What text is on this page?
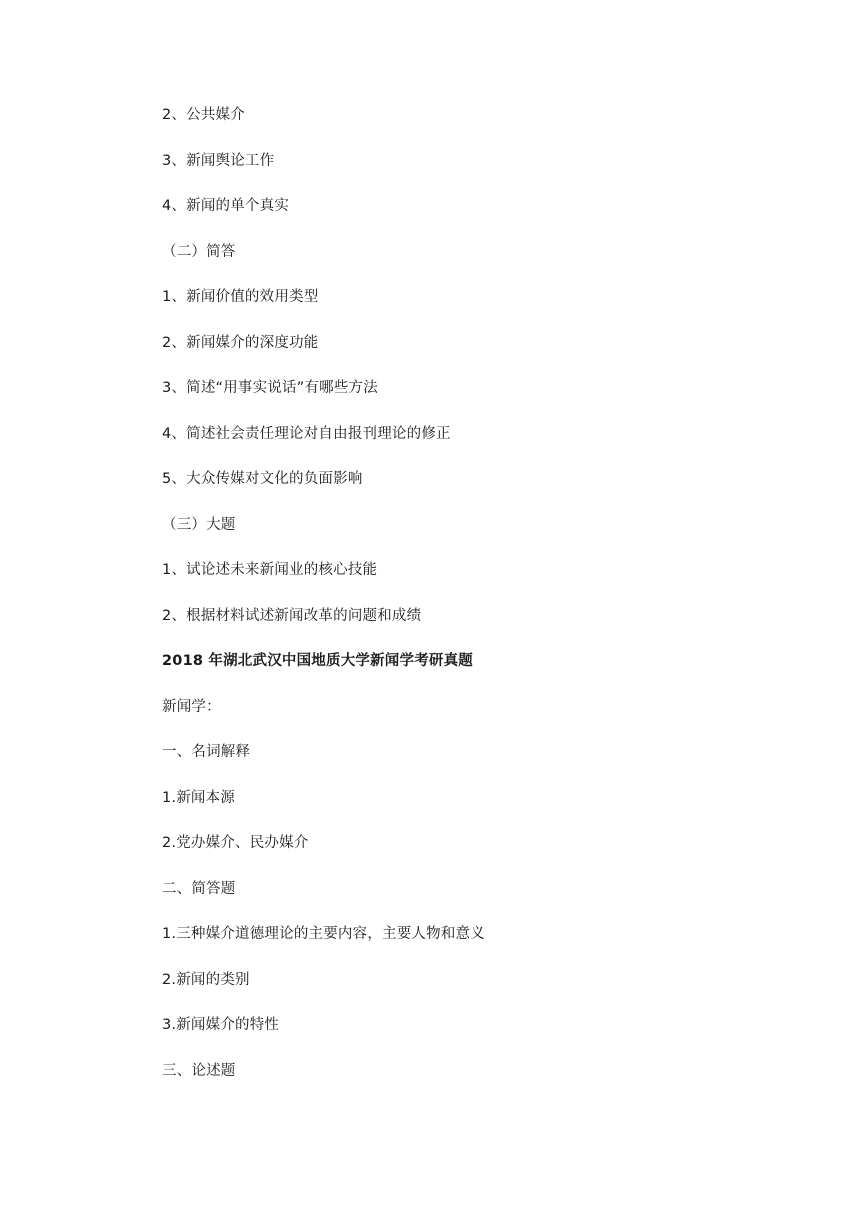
2、公共媒介
3、新闻舆论工作
4、新闻的单个真实
（二）简答
1、新闻价值的效用类型
2、新闻媒介的深度功能
3、简述“用事实说话”有哪些方法
4、简述社会责任理论对自由报刊理论的修正
5、大众传媒对文化的负面影响
（三）大题
1、试论述未来新闻业的核心技能
2、根据材料试述新闻改革的问题和成绩
2018 年湖北武汉中国地质大学新闻学考研真题
新闻学：
一、名词解释
1.新闻本源
2.党办媒介、民办媒介
二、简答题
1.三种媒介道德理论的主要内容，主要人物和意义
2.新闻的类别
3.新闻媒介的特性
三、论述题
